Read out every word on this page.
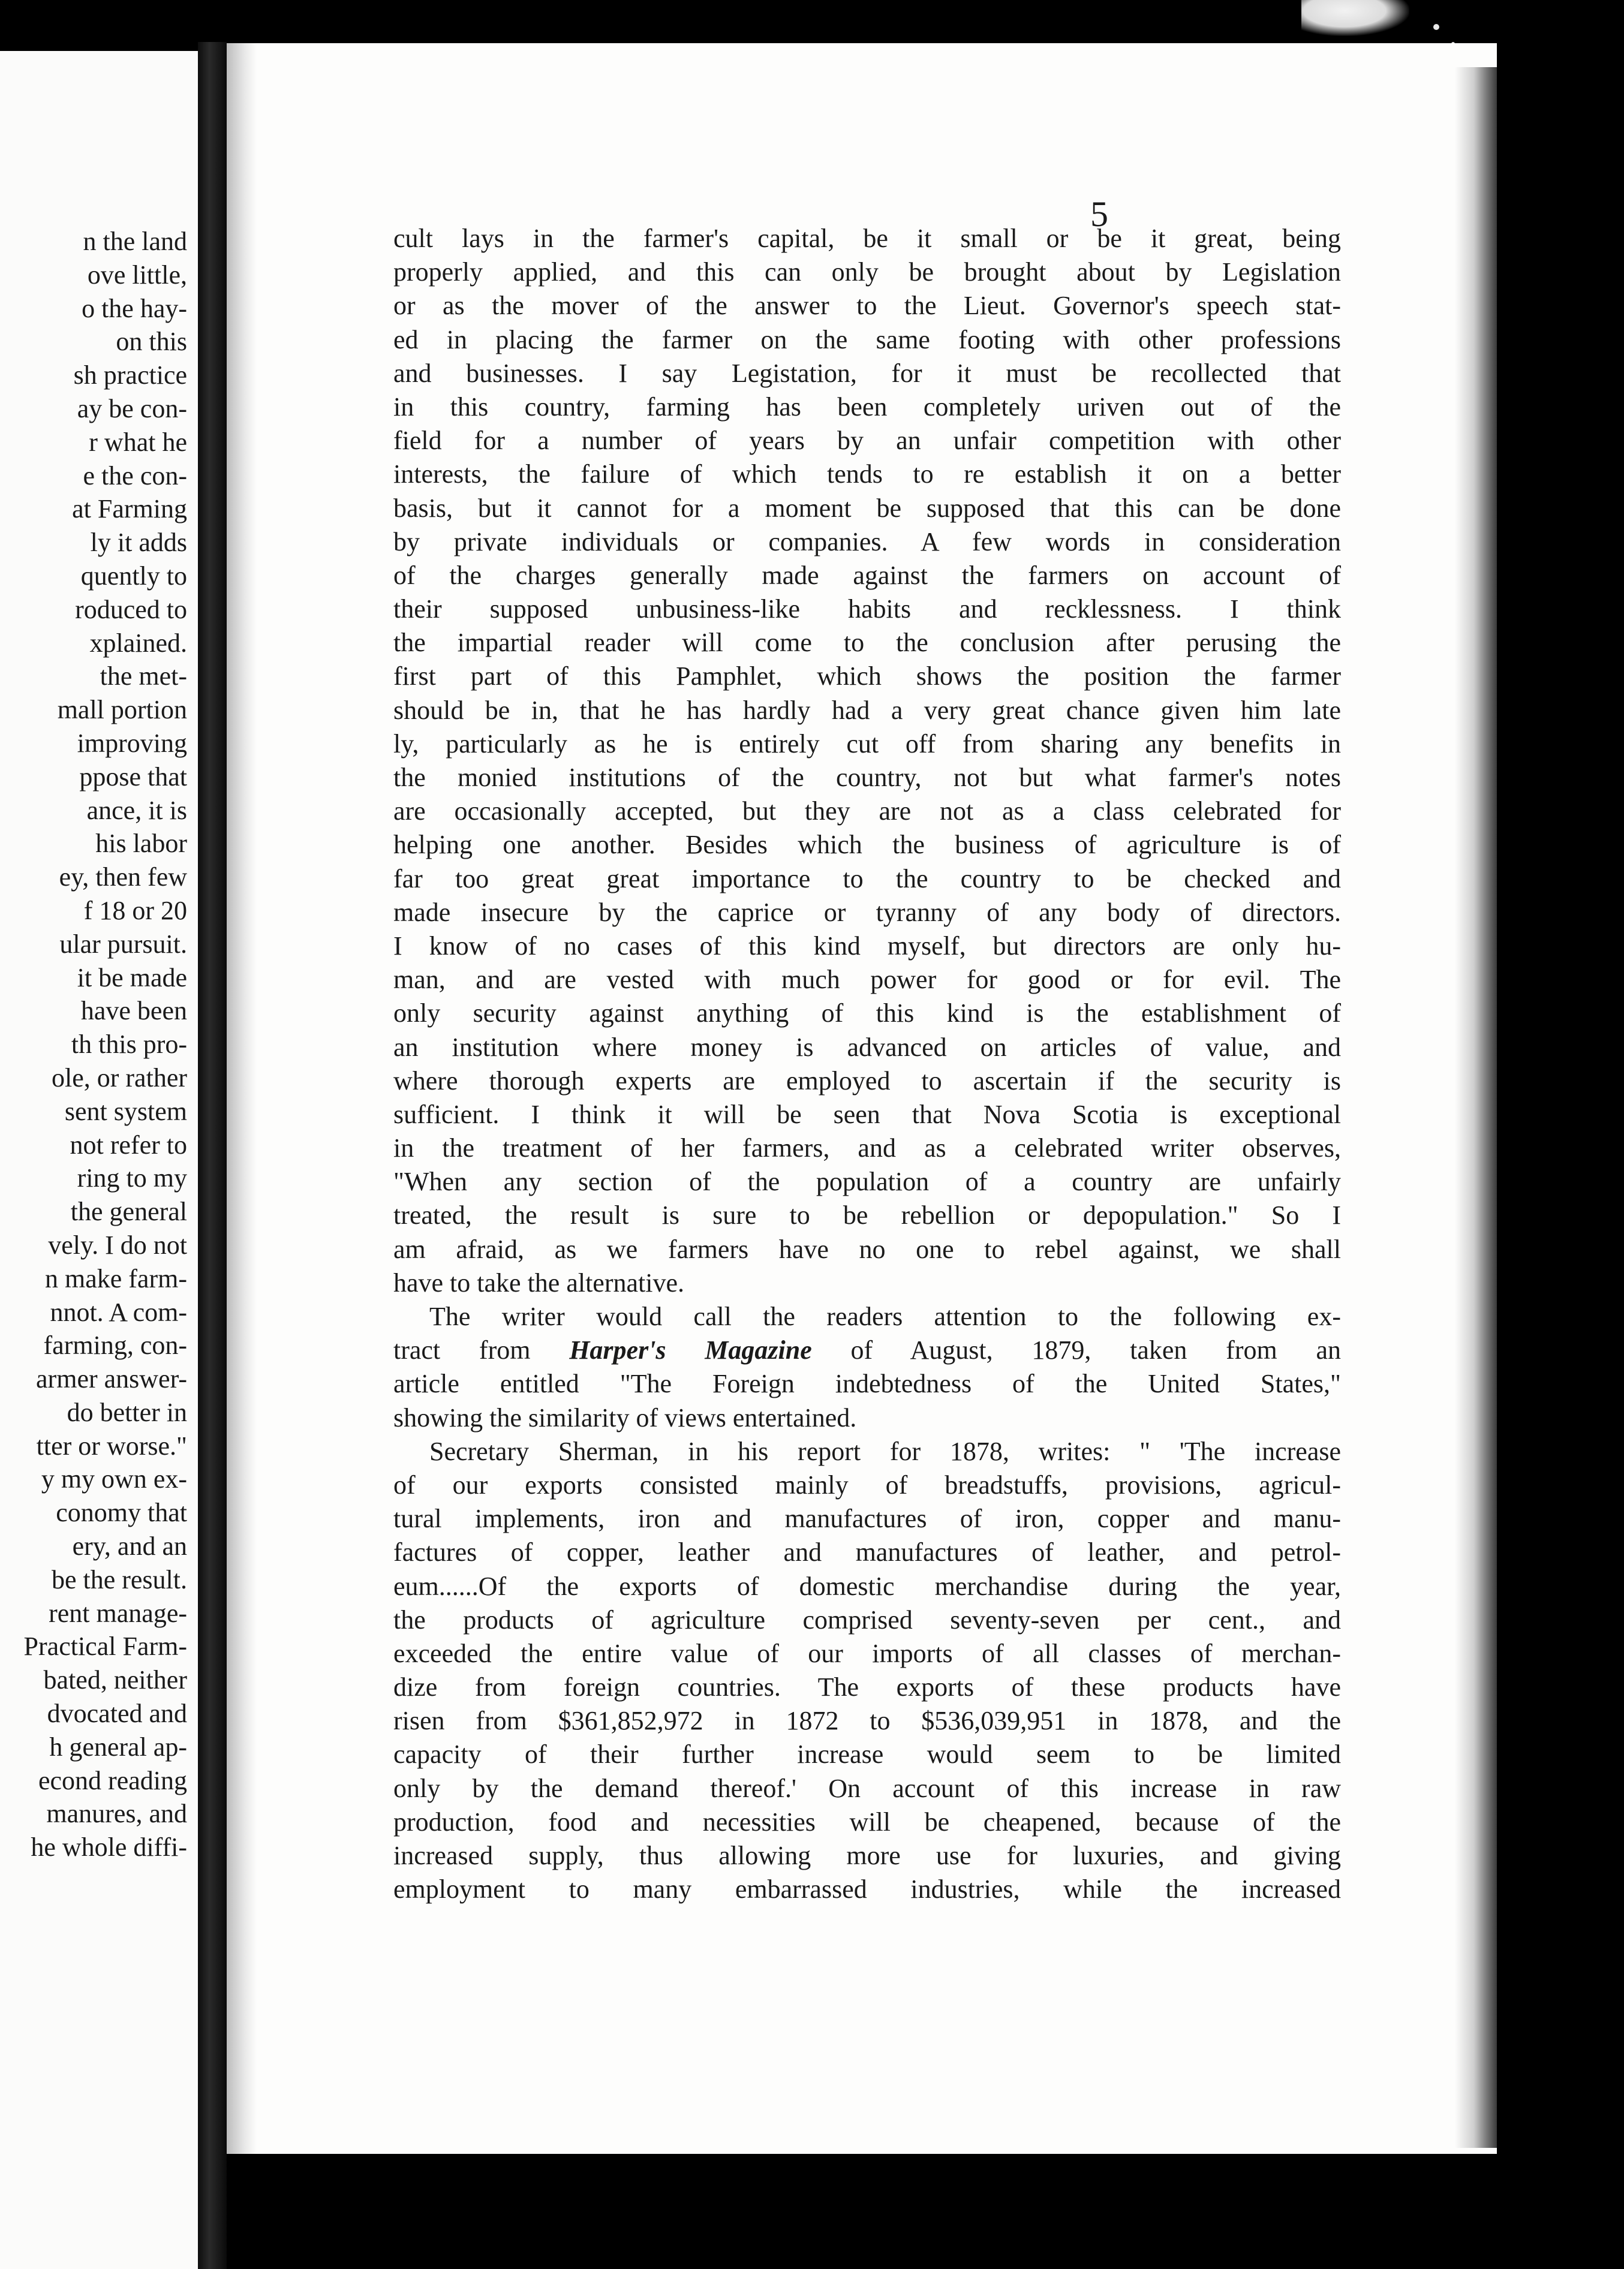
n the land
ove little,
o the hay-
on this
sh practice
ay be con-
r what he
e the con-
at Farming
ly it adds
quently to
roduced to
xplained.
the met-
mall portion
improving
ppose that
ance, it is
his labor
ey, then few
f 18 or 20
ular pursuit.
it be made
have been
th this pro-
ole, or rather
sent system
not refer to
ring to my
the general
vely. I do not
n make farm-
nnot. A com-
farming, con-
armer answer-
do better in
tter or worse."
y my own ex-
conomy that
ery, and an
be the result.
rent manage-
Practical Farm-
bated, neither
dvocated and
h general ap-
econd reading
manures, and
he whole diffi-
5
cult lays in the farmer's capital, be it small or be it great, being
properly applied, and this can only be brought about by Legislation
or as the mover of the answer to the Lieut. Governor's speech stat-
ed in placing the farmer on the same footing with other professions
and businesses. I say Legistation, for it must be recollected that
in this country, farming has been completely uriven out of the
field for a number of years by an unfair competition with other
interests, the failure of which tends to re establish it on a better
basis, but it cannot for a moment be supposed that this can be done
by private individuals or companies. A few words in consideration
of the charges generally made against the farmers on account of
their supposed unbusiness-like habits and recklessness. I think
the impartial reader will come to the conclusion after perusing the
first part of this Pamphlet, which shows the position the farmer
should be in, that he has hardly had a very great chance given him late
ly, particularly as he is entirely cut off from sharing any benefits in
the monied institutions of the country, not but what farmer's notes
are occasionally accepted, but they are not as a class celebrated for
helping one another. Besides which the business of agriculture is of
far too great great importance to the country to be checked and
made insecure by the caprice or tyranny of any body of directors.
I know of no cases of this kind myself, but directors are only hu-
man, and are vested with much power for good or for evil. The
only security against anything of this kind is the establishment of
an institution where money is advanced on articles of value, and
where thorough experts are employed to ascertain if the security is
sufficient. I think it will be seen that Nova Scotia is exceptional
in the treatment of her farmers, and as a celebrated writer observes,
"When any section of the population of a country are unfairly
treated, the result is sure to be rebellion or depopulation." So I
am afraid, as we farmers have no one to rebel against, we shall
have to take the alternative.
The writer would call the readers attention to the following ex-
tract from Harper's Magazine of August, 1879, taken from an
article entitled "The Foreign indebtedness of the United States,"
showing the similarity of views entertained.
Secretary Sherman, in his report for 1878, writes: " 'The increase
of our exports consisted mainly of breadstuffs, provisions, agricul-
tural implements, iron and manufactures of iron, copper and manu-
factures of copper, leather and manufactures of leather, and petrol-
eum......Of the exports of domestic merchandise during the year,
the products of agriculture comprised seventy-seven per cent., and
exceeded the entire value of our imports of all classes of merchan-
dize from foreign countries. The exports of these products have
risen from $361,852,972 in 1872 to $536,039,951 in 1878, and the
capacity of their further increase would seem to be limited
only by the demand thereof.' On account of this increase in raw
production, food and necessities will be cheapened, because of the
increased supply, thus allowing more use for luxuries, and giving
employment to many embarrassed industries, while the increased
